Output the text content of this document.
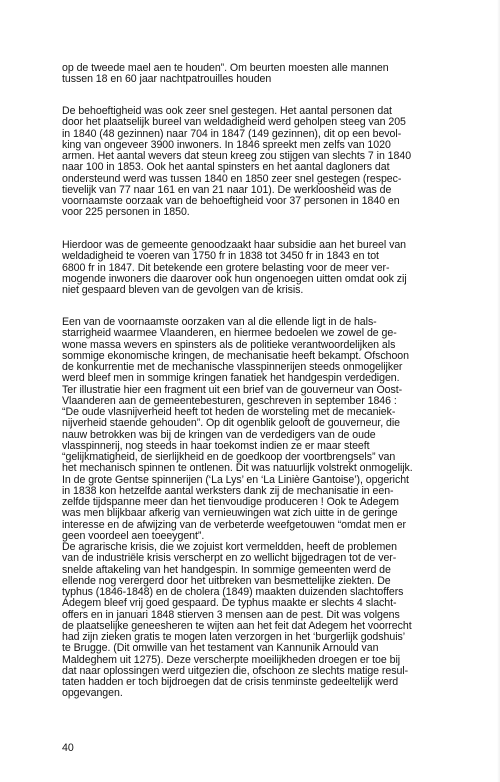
op de tweede mael aen te houden”. Om beurten moesten alle mannen
tussen 18 en 60 jaar nachtpatrouilles houden
De behoeftigheid was ook zeer snel gestegen. Het aantal personen dat
door het plaatselijk bureel van weldadigheid werd geholpen steeg van 205
in 1840 (48 gezinnen) naar 704 in 1847 (149 gezinnen), dit op een bevol-
king van ongeveer 3900 inwoners. In 1846 spreekt men zelfs van 1020
armen. Het aantal wevers dat steun kreeg zou stijgen van slechts 7 in 1840
naar 100 in 1853. Ook het aantal spinsters en het aantal dagloners dat
ondersteund werd was tussen 1840 en 1850 zeer snel gestegen (respec-
tievelijk van 77 naar 161 en van 21 naar 101). De werkloosheid was de
voornaamste oorzaak van de behoeftigheid voor 37 personen in 1840 en
voor 225 personen in 1850.
Hierdoor was de gemeente genoodzaakt haar subsidie aan het bureel van
weldadigheid te voeren van 1750 fr in 1838 tot 3450 fr in 1843 en tot
6800 fr in 1847. Dit betekende een grotere belasting voor de meer ver-
mogende inwoners die daarover ook hun ongenoegen uitten omdat ook zij
niet gespaard bleven van de gevolgen van de krisis.
Een van de voornaamste oorzaken van al die ellende ligt in de hals-
starrigheid waarmee Vlaanderen, en hiermee bedoelen we zowel de ge-
wone massa wevers en spinsters als de politieke verantwoordelijken als
sommige ekonomische kringen, de mechanisatie heeft bekampt. Ofschoon
de konkurrentie met de mechanische vlasspinnerijen steeds onmogelijker
werd bleef men in sommige kringen fanatiek het handgespin verdedigen.
Ter illustratie hier een fragment uit een brief van de gouverneur van Oost-
Vlaanderen aan de gemeentebesturen, geschreven in september 1846 :
“De oude vlasnijverheid heeft tot heden de worsteling met de mecaniek-
nijverheid staende gehouden”. Op dit ogenblik gelooft de gouverneur, die
nauw betrokken was bij de kringen van de verdedigers van de oude
vlasspinnerij, nog steeds in haar toekomst indien ze er maar steeft
“gelijkmatigheid, de sierlijkheid en de goedkoop der voortbrengsels” van
het mechanisch spinnen te ontlenen. Dit was natuurlijk volstrekt onmogelijk.
In de grote Gentse spinnerijen (‘La Lys’ en ‘La Linière Gantoise’), opgericht
in 1838 kon hetzelfde aantal werksters dank zij de mechanisatie in een-
zelfde tijdspanne meer dan het tienvoudige produceren ! Ook te Adegem
was men blijkbaar afkerig van vernieuwingen wat zich uitte in de geringe
interesse en de afwijzing van de verbeterde weefgetouwen “omdat men er
geen voordeel aen toeeygent”.
De agrarische krisis, die we zojuist kort vermeldden, heeft de problemen
van de industriële krisis verscherpt en zo wellicht bijgedragen tot de ver-
snelde aftakeling van het handgespin. In sommige gemeenten werd de
ellende nog verergerd door het uitbreken van besmettelijke ziekten. De
typhus (1846-1848) en de cholera (1849) maakten duizenden slachtoffers
Adegem bleef vrij goed gespaard. De typhus maakte er slechts 4 slacht-
offers en in januari 1848 stierven 3 mensen aan de pest. Dit was volgens
de plaatselijke geneesheren te wijten aan het feit dat Adegem het voorrecht
had zijn zieken gratis te mogen laten verzorgen in het ‘burgerlijk godshuis’
te Brugge. (Dit omwille van het testament van Kannunik Arnould van
Maldeghem uit 1275). Deze verscherpte moeilijkheden droegen er toe bij
dat naar oplossingen werd uitgezien die, ofschoon ze slechts matige resul-
taten hadden er toch bijdroegen dat de crisis tenminste gedeeltelijk werd
opgevangen.
40
